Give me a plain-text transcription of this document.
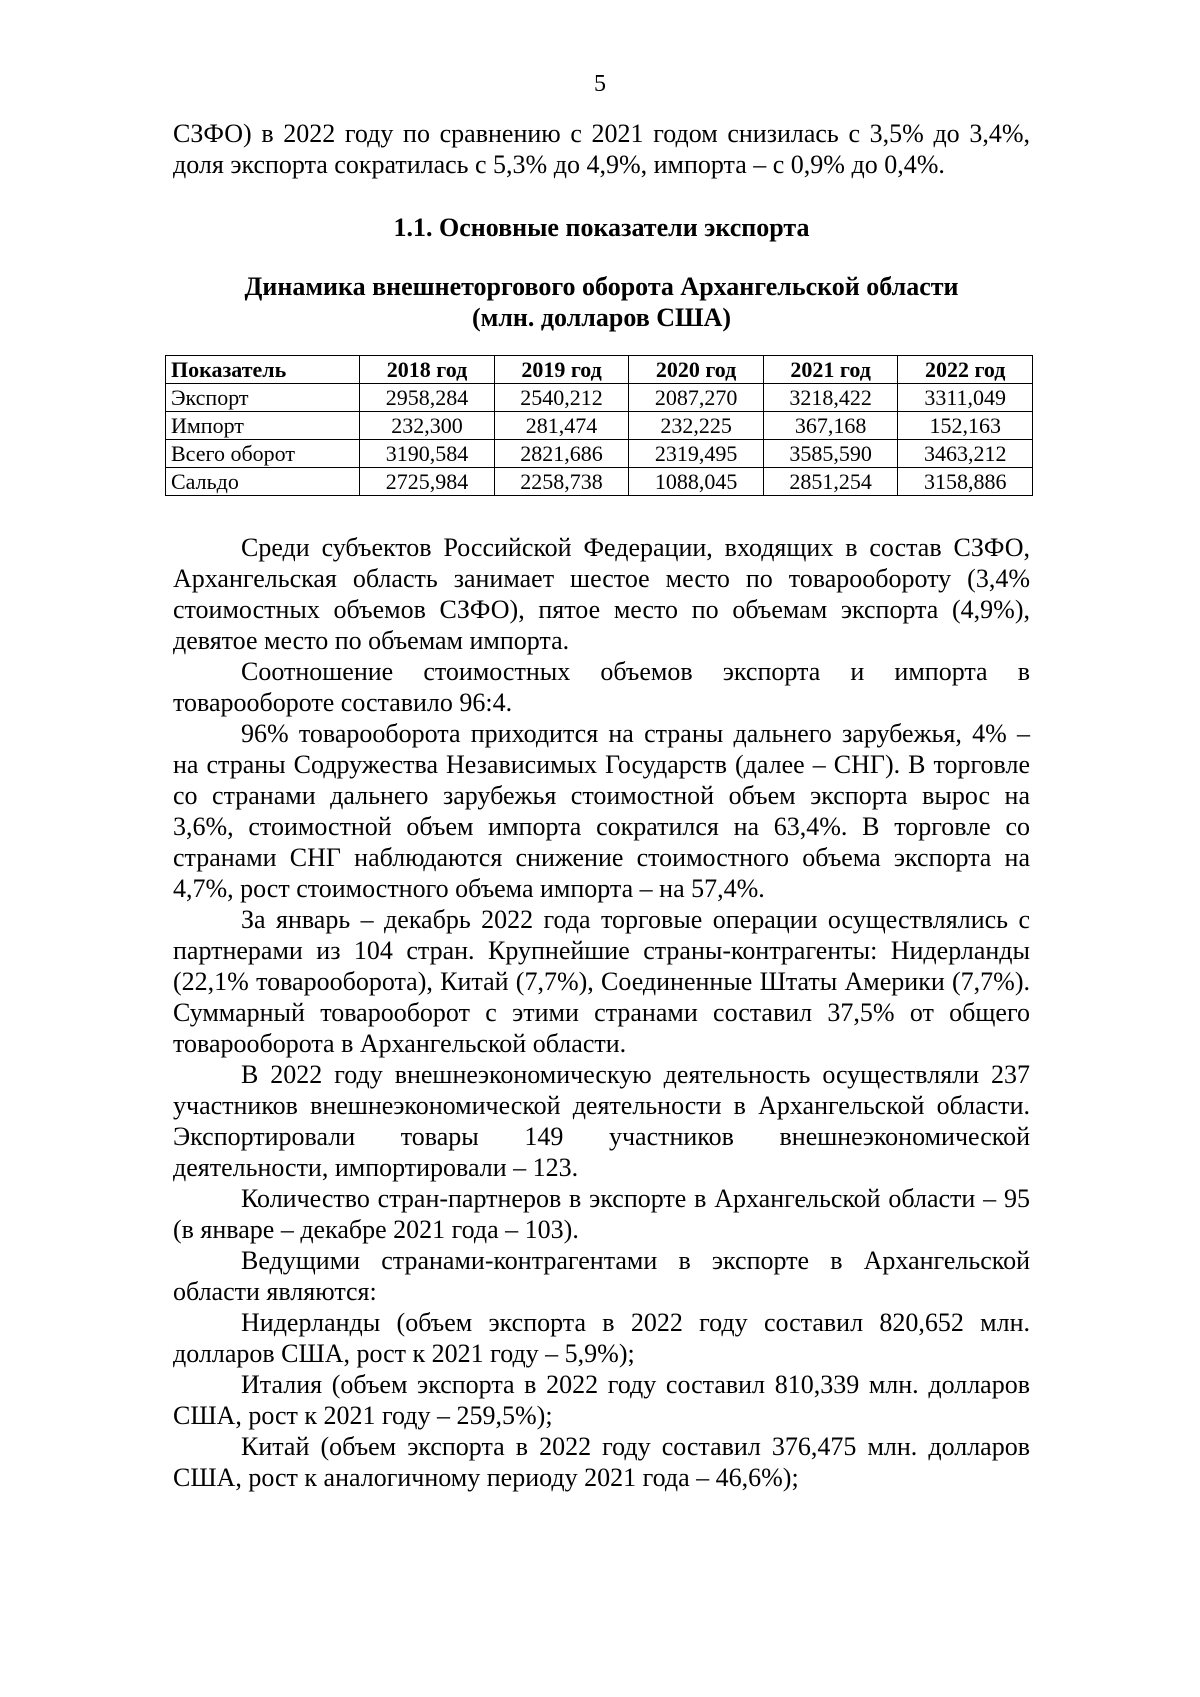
5

СЗФО) в 2022 году по сравнению с 2021 годом снизилась с 3,5% до 3,4%,

доля экспорта сократилась с 5,3% до 4,9%, импорта – с 0,9% до 0,4%.

1.1. Основные показатели экспорта
Динамика внешнеторгового оборота Архангельской области
(млн. долларов США)
Показатель	2018 год	2019 год	2020 год	2021 год	2022 год
Экспорт	2958,284	2540,212	2087,270	3218,422	3311,049
Импорт	232,300	281,474	232,225	367,168	152,163
Всего оборот	3190,584	2821,686	2319,495	3585,590	3463,212
Сальдо	2725,984	2258,738	1088,045	2851,254	3158,886

Среди субъектов Российской Федерации, входящих в состав СЗФО, Архангельская область занимает шестое место по товарообороту (3,4% стоимостных объемов СЗФО), пятое место по объемам экспорта (4,9%), девятое место по объемам импорта.

Соотношение стоимостных объемов экспорта и импорта в товарообороте составило 96:4.

96% товарооборота приходится на страны дальнего зарубежья, 4% – на страны Содружества Независимых Государств (далее – СНГ). В торговле со странами дальнего зарубежья стоимостной объем экспорта вырос на 3,6%, стоимостной объем импорта сократился на 63,4%. В торговле со странами СНГ наблюдаются снижение стоимостного объема экспорта на 4,7%, рост стоимостного объема импорта – на 57,4%.

За январь – декабрь 2022 года торговые операции осуществлялись с партнерами из 104 стран. Крупнейшие страны-контрагенты: Нидерланды (22,1% товарооборота), Китай (7,7%), Соединенные Штаты Америки (7,7%). Суммарный товарооборот с этими странами составил 37,5% от общего товарооборота в Архангельской области.

В 2022 году внешнеэкономическую деятельность осуществляли 237 участников внешнеэкономической деятельности в Архангельской области. Экспортировали товары 149 участников внешнеэкономической деятельности, импортировали – 123.

Количество стран-партнеров в экспорте в Архангельской области – 95 (в январе – декабре 2021 года – 103).

Ведущими странами-контрагентами в экспорте в Архангельской области являются:

Нидерланды (объем экспорта в 2022 году составил 820,652 млн. долларов США, рост к 2021 году – 5,9%);

Италия (объем экспорта в 2022 году составил 810,339 млн. долларов США, рост к 2021 году – 259,5%);

Китай (объем экспорта в 2022 году составил 376,475 млн. долларов США, рост к аналогичному периоду 2021 года – 46,6%);
